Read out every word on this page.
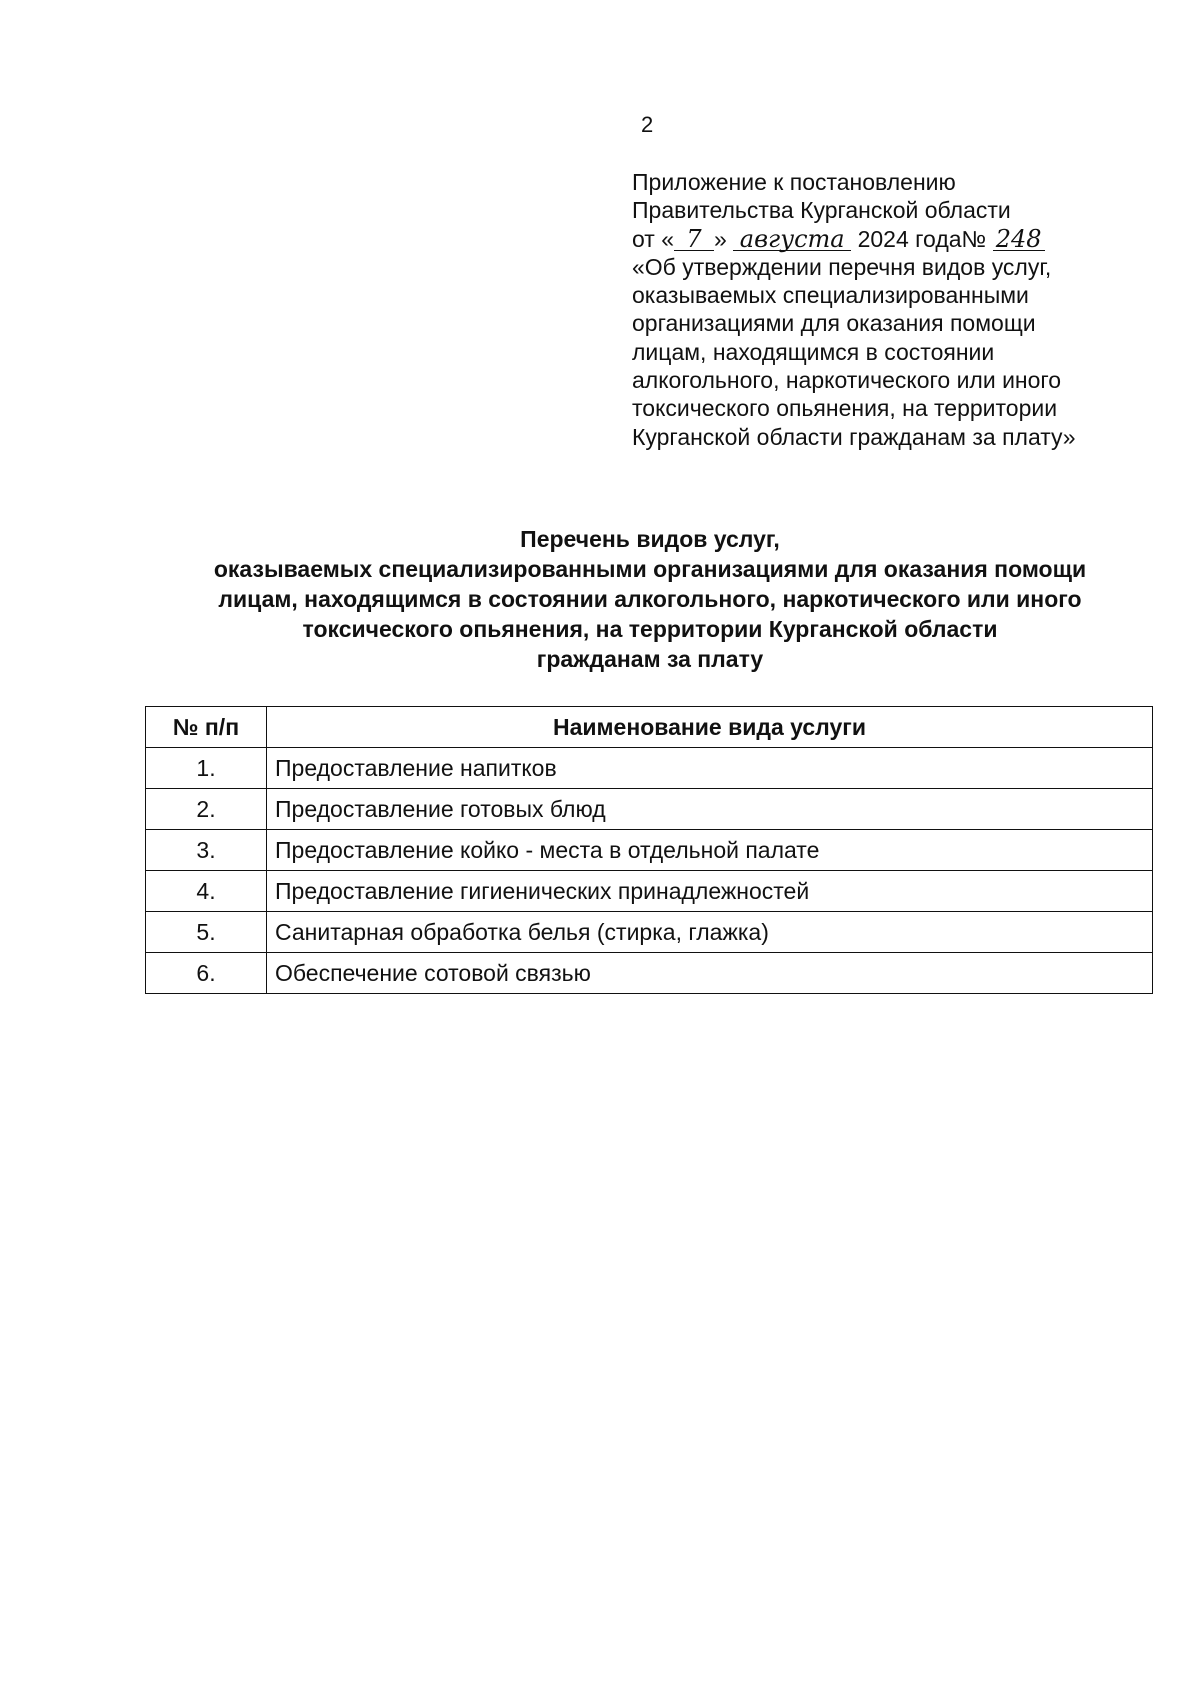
2
Приложение к постановлению
Правительства Курганской области
от « 7 » августа 2024 года№ 248
«Об утверждении перечня видов услуг,
оказываемых специализированными
организациями для оказания помощи
лицам, находящимся в состоянии
алкогольного, наркотического или иного
токсического опьянения, на территории
Курганской области гражданам за плату»
Перечень видов услуг,
оказываемых специализированными организациями для оказания помощи
лицам, находящимся в состоянии алкогольного, наркотического или иного
токсического опьянения, на территории Курганской области
гражданам за плату
№ п/п	Наименование вида услуги
1.	Предоставление напитков
2.	Предоставление готовых блюд
3.	Предоставление койко - места в отдельной палате
4.	Предоставление гигиенических принадлежностей
5.	Санитарная обработка белья (стирка, глажка)
6.	Обеспечение сотовой связью
